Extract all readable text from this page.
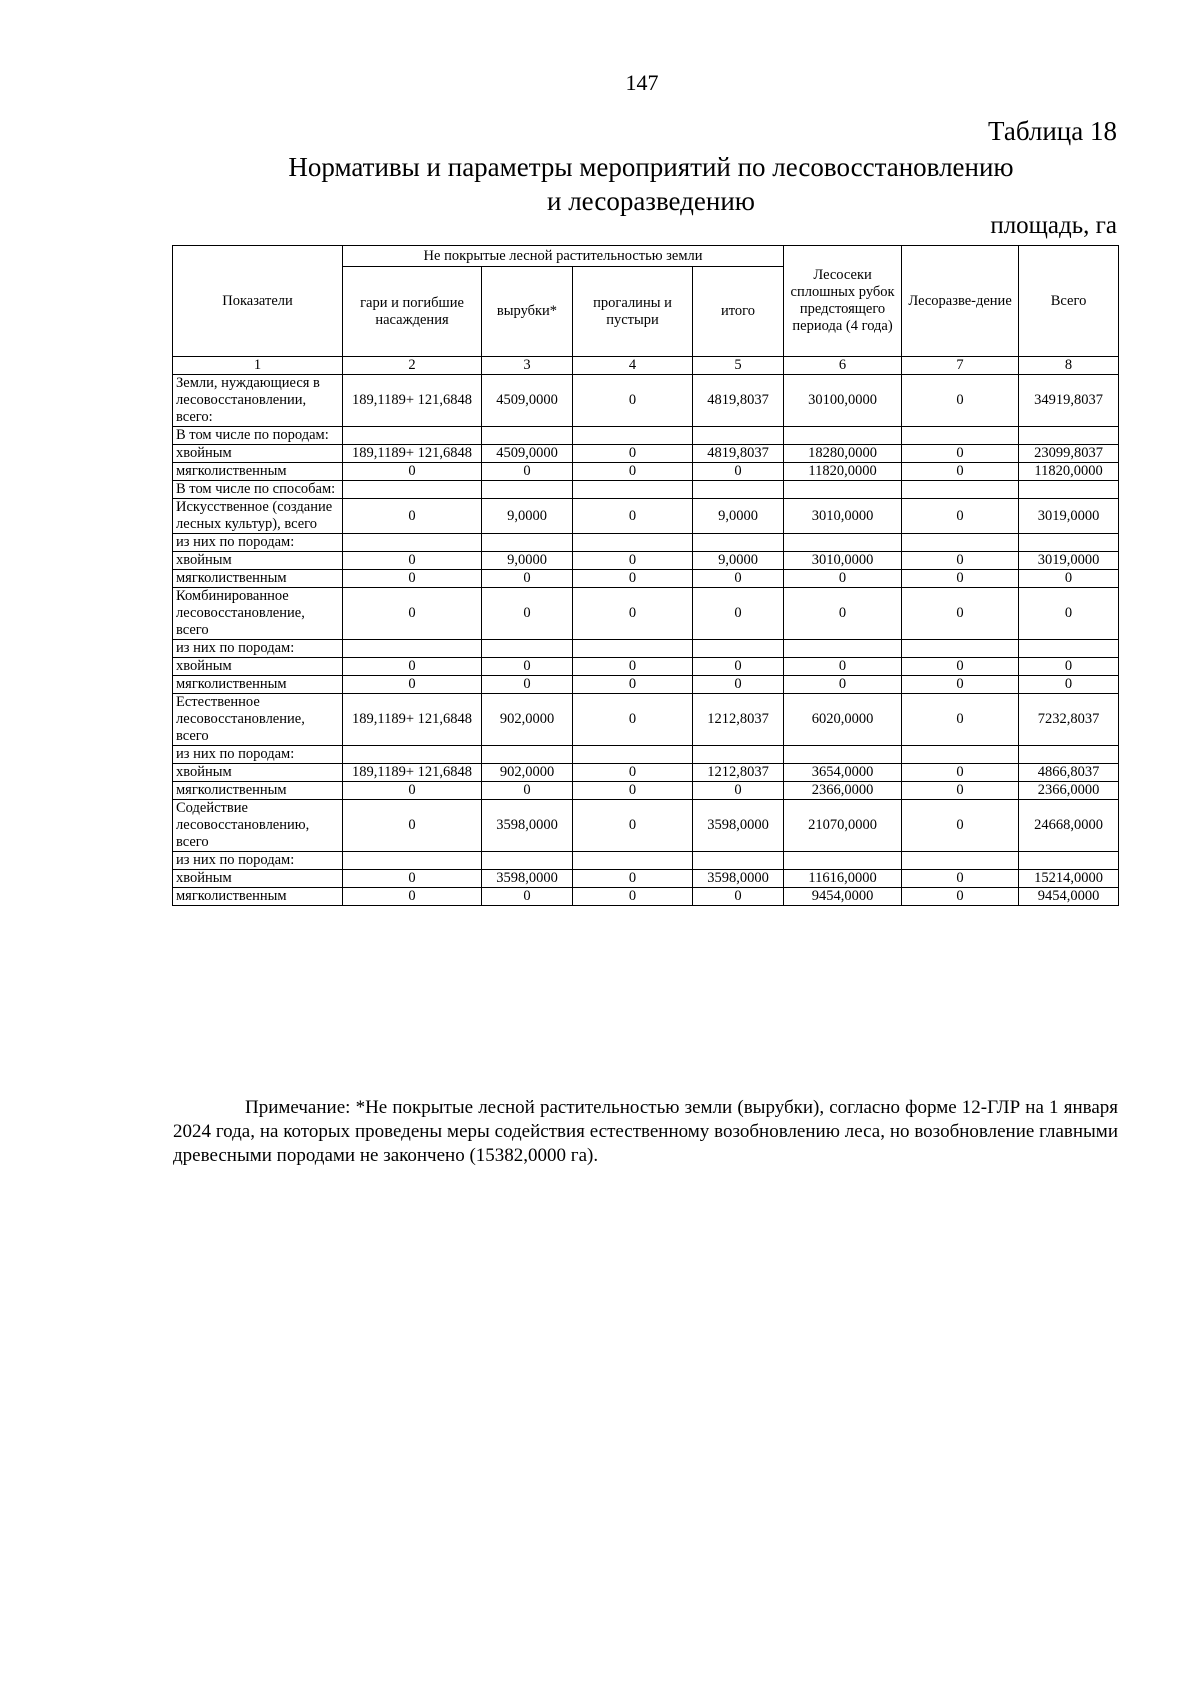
147
Таблица 18
Нормативы и параметры мероприятий по лесовосстановлению
и лесоразведению
площадь, га
Показатели	Не покрытые лесной растительностью земли				Лесосеки сплошных рубок предстоящего периода (4 года)	Лесоразве-дение	Всего
	гари и погибшие насаждения	вырубки*	прогалины и пустыри	итого			
1	2	3	4	5	6	7	8
Земли, нуждающиеся в лесовосстановлении, всего:	189,1189+ 121,6848	4509,0000	0	4819,8037	30100,0000	0	34919,8037
В том числе по породам:							
хвойным	189,1189+ 121,6848	4509,0000	0	4819,8037	18280,0000	0	23099,8037
мягколиственным	0	0	0	0	11820,0000	0	11820,0000
В том числе по способам:							
Искусственное (создание лесных культур), всего	0	9,0000	0	9,0000	3010,0000	0	3019,0000
из них по породам:							
хвойным	0	9,0000	0	9,0000	3010,0000	0	3019,0000
мягколиственным	0	0	0	0	0	0	0
Комбинированное лесовосстановление, всего	0	0	0	0	0	0	0
из них по породам:							
хвойным	0	0	0	0	0	0	0
мягколиственным	0	0	0	0	0	0	0
Естественное лесовосстановление, всего	189,1189+ 121,6848	902,0000	0	1212,8037	6020,0000	0	7232,8037
из них по породам:							
хвойным	189,1189+ 121,6848	902,0000	0	1212,8037	3654,0000	0	4866,8037
мягколиственным	0	0	0	0	2366,0000	0	2366,0000
Содействие лесовосстановлению, всего	0	3598,0000	0	3598,0000	21070,0000	0	24668,0000
из них по породам:							
хвойным	0	3598,0000	0	3598,0000	11616,0000	0	15214,0000
мягколиственным	0	0	0	0	9454,0000	0	9454,0000
Примечание: *Не покрытые лесной растительностью земли (вырубки), согласно форме 12-ГЛР на 1 января 2024 года, на которых проведены меры содействия естественному возобновлению леса, но возобновление главными древесными породами не закончено (15382,0000 га).
